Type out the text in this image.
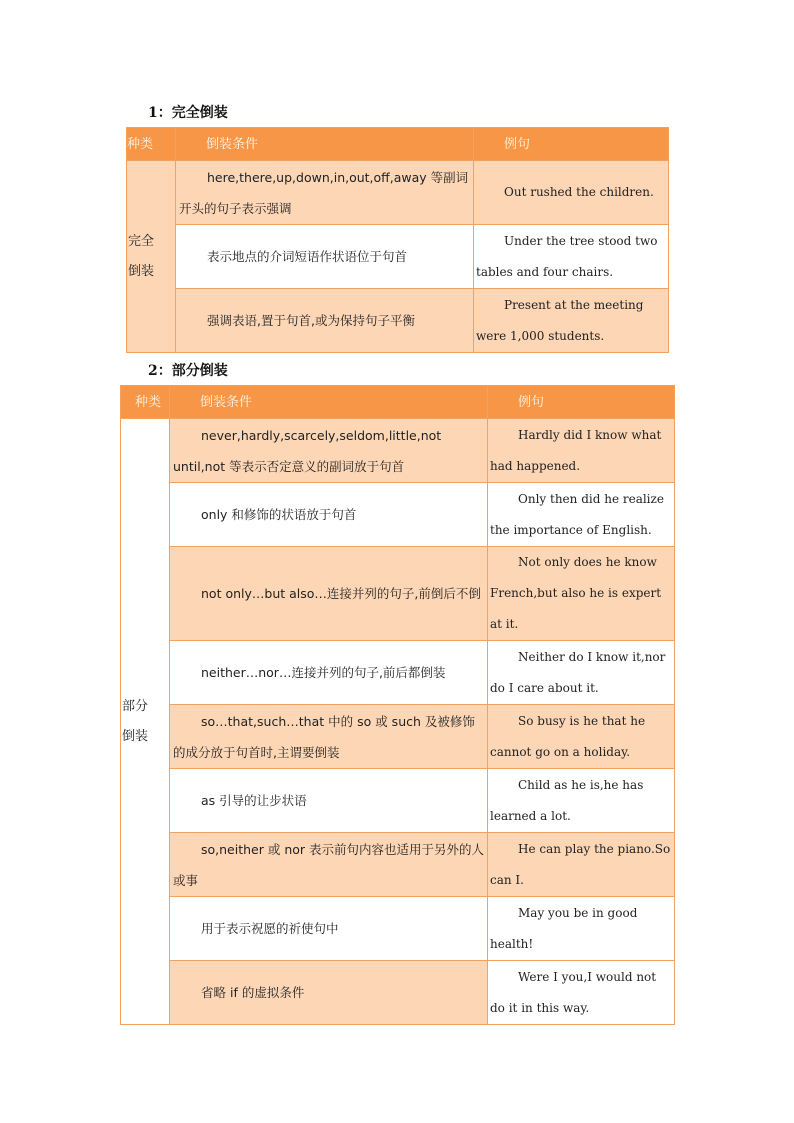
1：完全倒装
种类	倒装条件	例句

完全
倒装	here,there,up,down,in,out,off,away 等副词开头的句子表示强调	Out rushed the children.

	表示地点的介词短语作状语位于句首	Under the tree stood two tables and four chairs.

	强调表语,置于句首,或为保持句子平衡	Present at the meeting were 1,000 students.
2：部分倒装
种类	倒装条件	例句

部分
倒装	never,hardly,scarcely,seldom,little,not until,not 等表示否定意义的副词放于句首	Hardly did I know what had happened.

	only 和修饰的状语放于句首	Only then did he realize the importance of English.

	not only…but also…连接并列的句子,前倒后不倒	Not only does he know French,but also he is expert at it.

	neither…nor…连接并列的句子,前后都倒装	Neither do I know it,nor do I care about it.

	so…that,such…that 中的 so 或 such 及被修饰的成分放于句首时,主谓要倒装	So busy is he that he cannot go on a holiday.

	as 引导的让步状语	Child as he is,he has learned a lot.

	so,neither 或 nor 表示前句内容也适用于另外的人或事	He can play the piano.So can I.

	用于表示祝愿的祈使句中	May you be in good health!

	省略 if 的虚拟条件	Were I you,I would not do it in this way.
